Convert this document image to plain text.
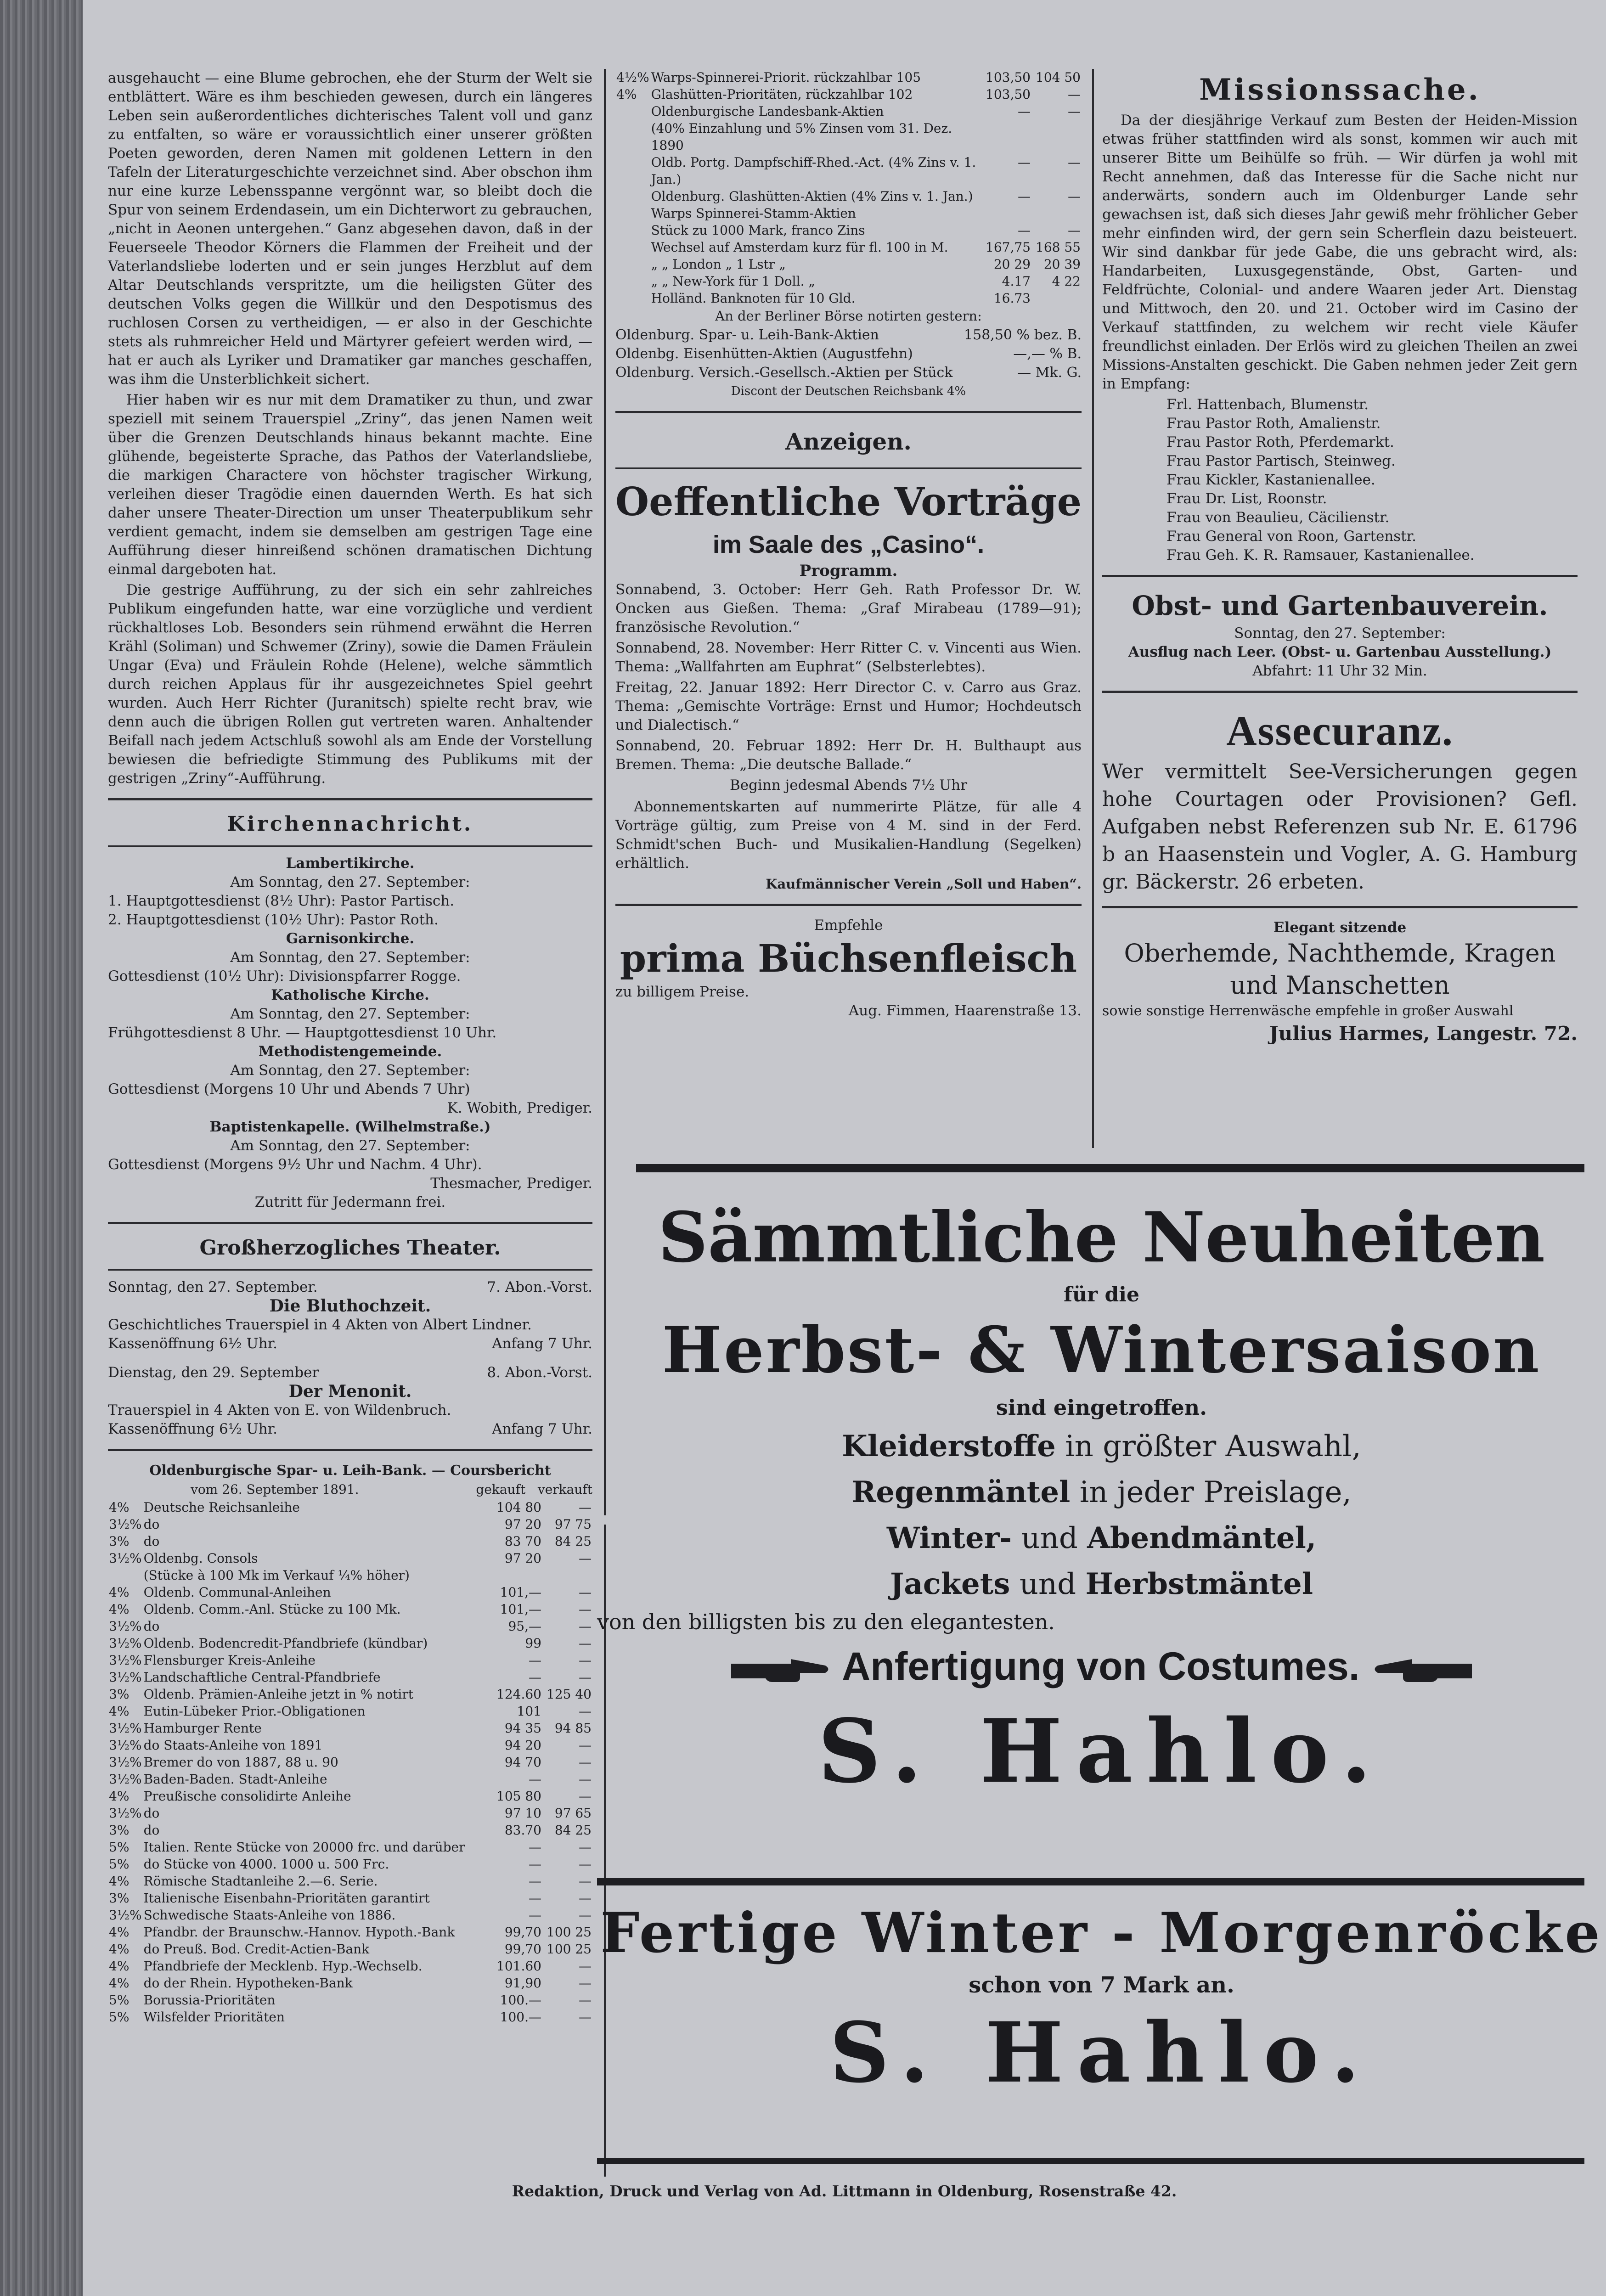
ausgehaucht — eine Blume gebrochen, ehe der Sturm der Welt sie entblättert. Wäre es ihm beschieden gewesen, durch ein längeres Leben sein außerordentliches dichterisches Talent voll und ganz zu entfalten, so wäre er voraussichtlich einer unserer größten Poeten geworden, deren Namen mit goldenen Lettern in den Tafeln der Literaturgeschichte verzeichnet sind. Aber obschon ihm nur eine kurze Lebensspanne vergönnt war, so bleibt doch die Spur von seinem Erdendasein, um ein Dichterwort zu gebrauchen, „nicht in Aeonen untergehen.“ Ganz abgesehen davon, daß in der Feuerseele Theodor Körners die Flammen der Freiheit und der Vaterlandsliebe loderten und er sein junges Herzblut auf dem Altar Deutschlands verspritzte, um die heiligsten Güter des deutschen Volks gegen die Willkür und den Despotismus des ruchlosen Corsen zu vertheidigen, — er also in der Geschichte stets als ruhmreicher Held und Märtyrer gefeiert werden wird, — hat er auch als Lyriker und Dramatiker gar manches geschaffen, was ihm die Unsterblichkeit sichert.

Hier haben wir es nur mit dem Dramatiker zu thun, und zwar speziell mit seinem Trauerspiel „Zriny“, das jenen Namen weit über die Grenzen Deutschlands hinaus bekannt machte. Eine glühende, begeisterte Sprache, das Pathos der Vaterlandsliebe, die markigen Charactere von höchster tragischer Wirkung, verleihen dieser Tragödie einen dauernden Werth. Es hat sich daher unsere Theater-Direction um unser Theaterpublikum sehr verdient gemacht, indem sie demselben am gestrigen Tage eine Aufführung dieser hinreißend schönen dramatischen Dichtung einmal dargeboten hat.

Die gestrige Aufführung, zu der sich ein sehr zahlreiches Publikum eingefunden hatte, war eine vorzügliche und verdient rückhaltloses Lob. Besonders sein rühmend erwähnt die Herren Krähl (Soliman) und Schwemer (Zriny), sowie die Damen Fräulein Ungar (Eva) und Fräulein Rohde (Helene), welche sämmtlich durch reichen Applaus für ihr ausgezeichnetes Spiel geehrt wurden. Auch Herr Richter (Juranitsch) spielte recht brav, wie denn auch die übrigen Rollen gut vertreten waren. Anhaltender Beifall nach jedem Actschluß sowohl als am Ende der Vorstellung bewiesen die befriedigte Stimmung des Publikums mit der gestrigen „Zriny“-Aufführung.

Kirchennachricht.
Lambertikirche.
Am Sonntag, den 27. September:
1. Hauptgottesdienst (8½ Uhr): Pastor Partisch.
2. Hauptgottesdienst (10½ Uhr): Pastor Roth.
Garnisonkirche.
Am Sonntag, den 27. September:
Gottesdienst (10½ Uhr): Divisionspfarrer Rogge.
Katholische Kirche.
Am Sonntag, den 27. September:
Frühgottesdienst 8 Uhr. — Hauptgottesdienst 10 Uhr.
Methodistengemeinde.
Am Sonntag, den 27. September:
Gottesdienst (Morgens 10 Uhr und Abends 7 Uhr)
K. Wobith, Prediger.
Baptistenkapelle. (Wilhelmstraße.)
Am Sonntag, den 27. September:
Gottesdienst (Morgens 9½ Uhr und Nachm. 4 Uhr).
Thesmacher, Prediger.
Zutritt für Jedermann frei.
Großherzogliches Theater.
Sonntag, den 27. September.	7. Abon.-Vorst.
Die Bluthochzeit.
Geschichtliches Trauerspiel in 4 Akten von Albert Lindner.
Kassenöffnung 6½ Uhr.	Anfang 7 Uhr.
Dienstag, den 29. September	8. Abon.-Vorst.
Der Menonit.
Trauerspiel in 4 Akten von E. von Wildenbruch.
Kassenöffnung 6½ Uhr.	Anfang 7 Uhr.
Oldenburgische Spar- u. Leih-Bank. — Coursbericht
vom 26. September 1891.	gekauft verkauft
4%	Deutsche Reichsanleihe	104 80	—
3½%	do	97 20	97 75
3%	do	83 70	84 25
3½%	Oldenbg. Consols	97 20	—
	(Stücke à 100 Mk im Verkauf ¼% höher)		
4%	Oldenb. Communal-Anleihen	101,—	—
4%	Oldenb. Comm.-Anl. Stücke zu 100 Mk.	101,—	—
3½%	do	95,—	—
3½%	Oldenb. Bodencredit-Pfandbriefe (kündbar)	99	—
3½%	Flensburger Kreis-Anleihe	—	—
3½%	Landschaftliche Central-Pfandbriefe	—	—
3%	Oldenb. Prämien-Anleihe jetzt in % notirt	124.60	125 40
4%	Eutin-Lübeker Prior.-Obligationen	101	—
3½%	Hamburger Rente	94 35	94 85
3½%	do Staats-Anleihe von 1891	94 20	—
3½%	Bremer do von 1887, 88 u. 90	94 70	—
3½%	Baden-Baden. Stadt-Anleihe	—	—
4%	Preußische consolidirte Anleihe	105 80	—
3½%	do	97 10	97 65
3%	do	83.70	84 25
5%	Italien. Rente Stücke von 20000 frc. und darüber	—	—
5%	do Stücke von 4000. 1000 u. 500 Frc.	—	—
4%	Römische Stadtanleihe 2.—6. Serie.	—	—
3%	Italienische Eisenbahn-Prioritäten garantirt	—	—
3½%	Schwedische Staats-Anleihe von 1886.	—	—
4%	Pfandbr. der Braunschw.-Hannov. Hypoth.-Bank	99,70	100 25
4%	do Preuß. Bod. Credit-Actien-Bank	99,70	100 25
4%	Pfandbriefe der Mecklenb. Hyp.-Wechselb.	101.60	—
4%	do der Rhein. Hypotheken-Bank	91,90	—
5%	Borussia-Prioritäten	100.—	—
5%	Wilsfelder Prioritäten	100.—	—
4½%	Warps-Spinnerei-Priorit. rückzahlbar 105	103,50	104 50
4%	Glashütten-Prioritäten, rückzahlbar 102	103,50	—
	Oldenburgische Landesbank-Aktien	—	—
	(40% Einzahlung und 5% Zinsen vom 31. Dez. 1890		
	Oldb. Portg. Dampfschiff-Rhed.-Act. (4% Zins v. 1. Jan.)	—	—
	Oldenburg. Glashütten-Aktien (4% Zins v. 1. Jan.)	—	—
	Warps Spinnerei-Stamm-Aktien		
	Stück zu 1000 Mark, franco Zins	—	—
	Wechsel auf Amsterdam kurz für fl. 100 in M.	167,75	168 55
	„ „ London „ 1 Lstr „	20 29	20 39
	„ „ New-York für 1 Doll. „	4.17	4 22
	Holländ. Banknoten für 10 Gld.	16.73	
An der Berliner Börse notirten gestern:
Oldenburg. Spar- u. Leih-Bank-Aktien	158,50 % bez. B.
Oldenbg. Eisenhütten-Aktien (Augustfehn)	—,— % B.
Oldenburg. Versich.-Gesellsch.-Aktien per Stück	— Mk. G.
Discont der Deutschen Reichsbank 4%
Anzeigen.
Oeffentliche Vorträge
im Saale des „Casino“.
Programm.

Sonnabend, 3. October: Herr Geh. Rath Professor Dr. W. Oncken aus Gießen. Thema: „Graf Mirabeau (1789—91); französische Revolution.“

Sonnabend, 28. November: Herr Ritter C. v. Vincenti aus Wien. Thema: „Wallfahrten am Euphrat“ (Selbsterlebtes).

Freitag, 22. Januar 1892: Herr Director C. v. Carro aus Graz. Thema: „Gemischte Vorträge: Ernst und Humor; Hochdeutsch und Dialectisch.“

Sonnabend, 20. Februar 1892: Herr Dr. H. Bulthaupt aus Bremen. Thema: „Die deutsche Ballade.“

Beginn jedesmal Abends 7½ Uhr

Abonnementskarten auf nummerirte Plätze, für alle 4 Vorträge gültig, zum Preise von 4 M. sind in der Ferd. Schmidt'schen Buch- und Musikalien-Handlung (Segelken) erhältlich.

Kaufmännischer Verein „Soll und Haben“.
Empfehle
prima Büchsenfleisch
zu billigem Preise.
Aug. Fimmen, Haarenstraße 13.
Missionssache.

Da der diesjährige Verkauf zum Besten der Heiden-Mission etwas früher stattfinden wird als sonst, kommen wir auch mit unserer Bitte um Beihülfe so früh. — Wir dürfen ja wohl mit Recht annehmen, daß das Interesse für die Sache nicht nur anderwärts, sondern auch im Oldenburger Lande sehr gewachsen ist, daß sich dieses Jahr gewiß mehr fröhlicher Geber mehr einfinden wird, der gern sein Scherflein dazu beisteuert. Wir sind dankbar für jede Gabe, die uns gebracht wird, als: Handarbeiten, Luxusgegenstände, Obst, Garten- und Feldfrüchte, Colonial- und andere Waaren jeder Art. Dienstag und Mittwoch, den 20. und 21. October wird im Casino der Verkauf stattfinden, zu welchem wir recht viele Käufer freundlichst einladen. Der Erlös wird zu gleichen Theilen an zwei Missions-Anstalten geschickt. Die Gaben nehmen jeder Zeit gern in Empfang:

Frl. Hattenbach, Blumenstr.
Frau Pastor Roth, Amalienstr.
Frau Pastor Roth, Pferdemarkt.
Frau Pastor Partisch, Steinweg.
Frau Kickler, Kastanienallee.
Frau Dr. List, Roonstr.
Frau von Beaulieu, Cäcilienstr.
Frau General von Roon, Gartenstr.
Frau Geh. K. R. Ramsauer, Kastanienallee.
Obst- und Gartenbauverein.
Sonntag, den 27. September:
Ausflug nach Leer. (Obst- u. Gartenbau Ausstellung.)
Abfahrt: 11 Uhr 32 Min.
Assecuranz.

Wer vermittelt See-Versicherungen gegen hohe Courtagen oder Provisionen? Gefl. Aufgaben nebst Referenzen sub Nr. E. 61796 b an Haasenstein und Vogler, A. G. Hamburg gr. Bäckerstr. 26 erbeten.

Elegant sitzende
Oberhemde, Nachthemde, Kragen
und Manschetten
sowie sonstige Herrenwäsche empfehle in großer Auswahl
Julius Harmes, Langestr. 72.
Sämmtliche Neuheiten
für die
Herbst- & Wintersaison
sind eingetroffen.
Kleiderstoffe in größter Auswahl,
Regenmäntel in jeder Preislage,
Winter- und Abendmäntel,
Jackets und Herbstmäntel
von den billigsten bis zu den elegantesten.
Anfertigung von Costumes.
S. Hahlo.
Fertige Winter - Morgenröcke
schon von 7 Mark an.
S. Hahlo.
Redaktion, Druck und Verlag von Ad. Littmann in Oldenburg, Rosenstraße 42.
